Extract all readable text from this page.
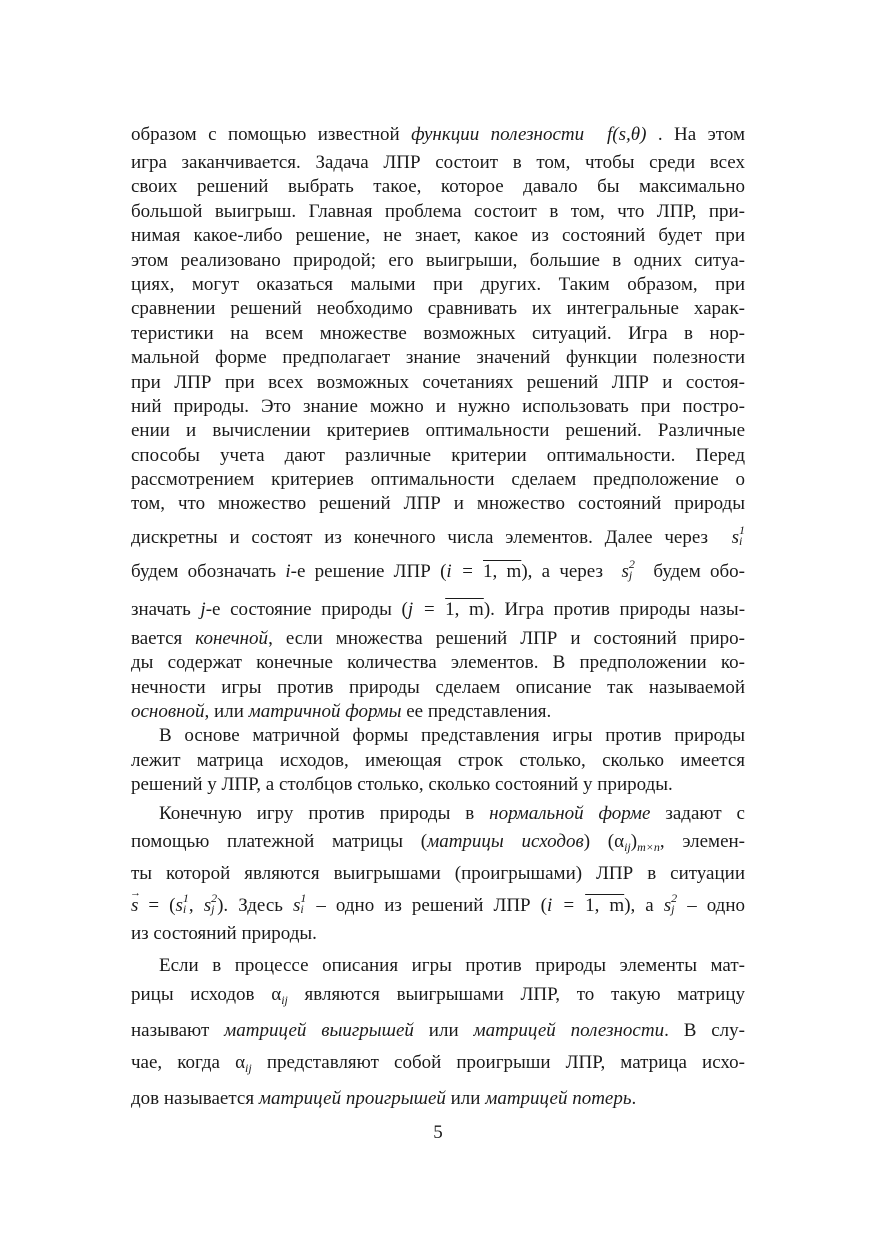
образом с помощью известной функции полезности f(s,θ) . На этом
игра заканчивается. Задача ЛПР состоит в том, чтобы среди всех
своих решений выбрать такое, которое давало бы максимально
большой выигрыш. Главная проблема состоит в том, что ЛПР, при-
нимая какое-либо решение, не знает, какое из состояний будет при
этом реализовано природой; его выигрыши, большие в одних ситуа-
циях, могут оказаться малыми при других. Таким образом, при
сравнении решений необходимо сравнивать их интегральные харак-
теристики на всем множестве возможных ситуаций. Игра в нор-
мальной форме предполагает знание значений функции полезности
при ЛПР при всех возможных сочетаниях решений ЛПР и состоя-
ний природы. Это знание можно и нужно использовать при постро-
ении и вычислении критериев оптимальности решений. Различные
способы учета дают различные критерии оптимальности. Перед
рассмотрением критериев оптимальности сделаем предположение о
том, что множество решений ЛПР и множество состояний природы
дискретны и состоят из конечного числа элементов. Далее через s 1
i
будем обозначать i-е решение ЛПР (i = 1, m), а через s 2
j будем обо-
значать j-е состояние природы (j = 1, m). Игра против природы назы-
вается конечной, если множества решений ЛПР и состояний приро-
ды содержат конечные количества элементов. В предположении ко-
нечности игры против природы сделаем описание так называемой
основной, или матричной формы ее представления.
В основе матричной формы представления игры против природы
лежит матрица исходов, имеющая строк столько, сколько имеется
решений у ЛПР, а столбцов столько, сколько состояний у природы.
Конечную игру против природы в нормальной форме задают с
помощью платежной матрицы (матрицы исходов) $(\alpha_{ij})_{m\times n}$, элемен-
ты которой являются выигрышами (проигрышами) ЛПР в ситуации
→ s = (s 1
i , s 2
j ). Здесь s 1
i – одно из решений ЛПР (i = 1, m), а s 2
j – одно
из состояний природы.
Если в процессе описания игры против природы элементы мат-
рицы исходов $\alpha_{ij}$ являются выигрышами ЛПР, то такую матрицу
называют матрицей выигрышей или матрицей полезности. В слу-
чае, когда $\alpha_{ij}$ представляют собой проигрыши ЛПР, матрица исхо-
дов называется матрицей проигрышей или матрицей потерь.
5
